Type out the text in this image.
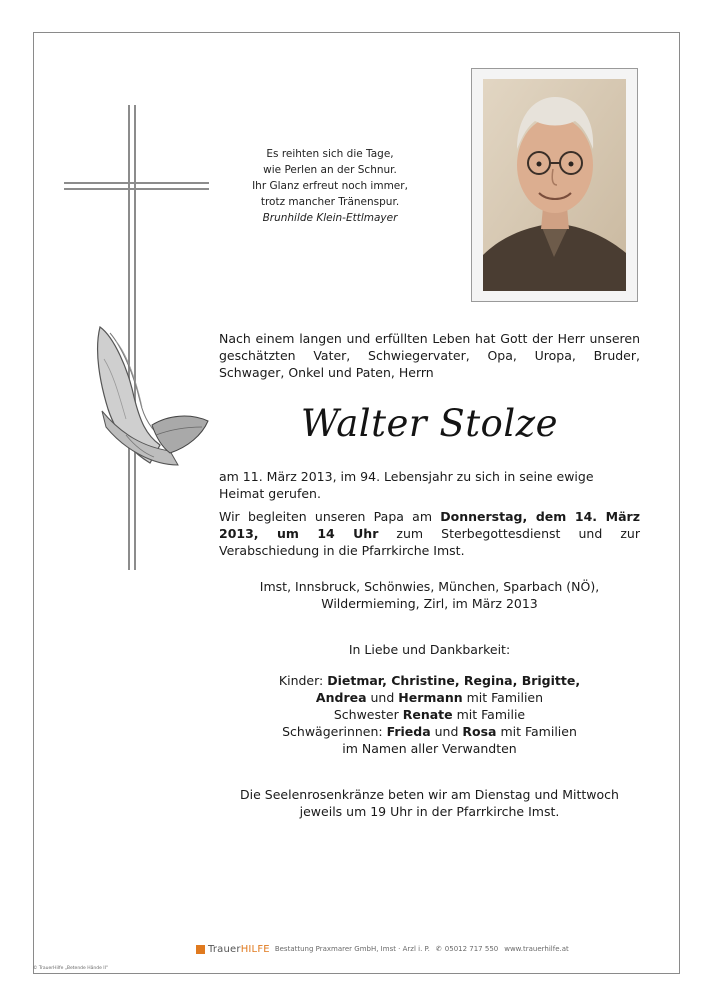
Es reihten sich die Tage,
wie Perlen an der Schnur.
Ihr Glanz erfreut noch immer,
trotz mancher Tränenspur.
Brunhilde Klein-Ettlmayer
Nach einem langen und erfüllten Leben hat Gott der Herr unseren geschätzten Vater, Schwiegervater, Opa, Uropa, Bruder, Schwager, Onkel und Paten, Herrn
Walter Stolze
am 11. März 2013, im 94. Lebensjahr zu sich in seine ewige Heimat gerufen.
Wir begleiten unseren Papa am Donnerstag, dem 14. März 2013, um 14 Uhr zum Sterbegottesdienst und zur Verabschiedung in die Pfarrkirche Imst.
Imst, Innsbruck, Schönwies, München, Sparbach (NÖ),
Wildermieming, Zirl, im März 2013
In Liebe und Dankbarkeit:
Kinder: Dietmar, Christine, Regina, Brigitte,
Andrea und Hermann mit Familien
Schwester Renate mit Familie
Schwägerinnen: Frieda und Rosa mit Familien
im Namen aller Verwandten
Die Seelenrosenkränze beten wir am Dienstag und Mittwoch
jeweils um 19 Uhr in der Pfarrkirche Imst.
TrauerHILFE Bestattung Praxmarer GmbH, Imst · Arzl i. P. ✆ 05012 717 550 www.trauerhilfe.at
© TrauerHilfe „Betende Hände II“
